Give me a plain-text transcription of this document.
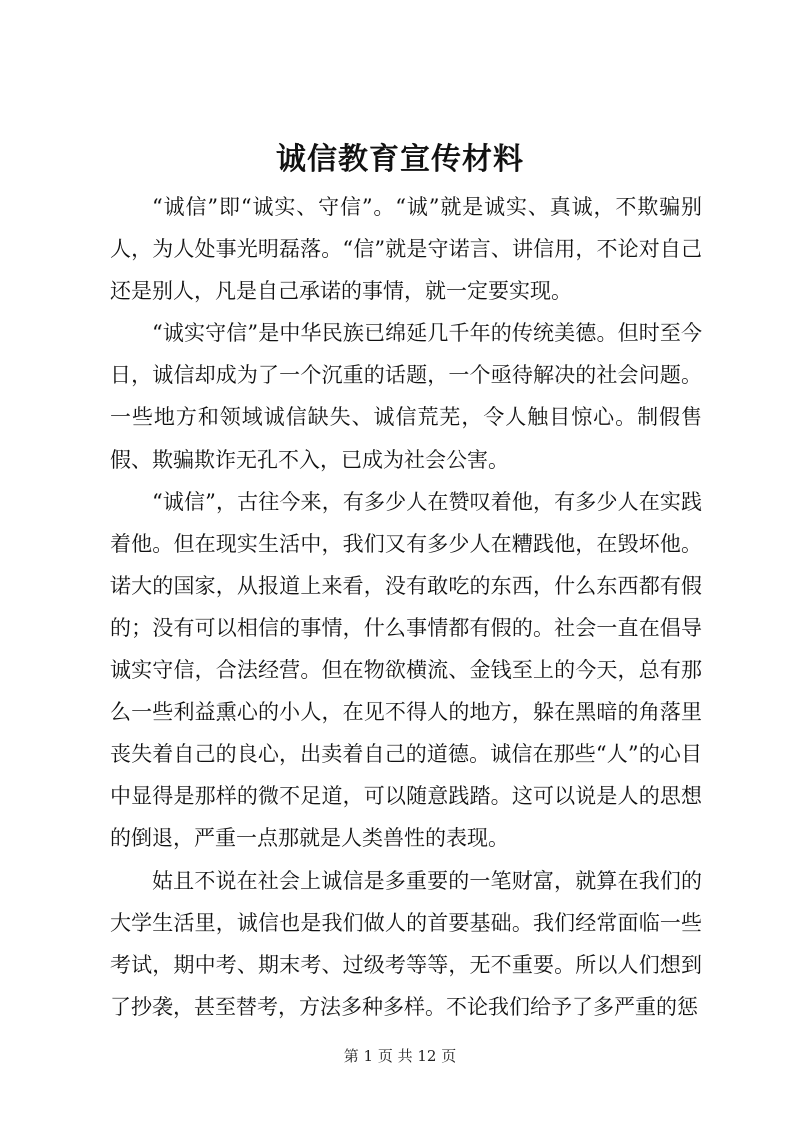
诚信教育宣传材料

“诚信”即“诚实、守信”。“诚”就是诚实、真诚，不欺骗别人，为人处事光明磊落。“信”就是守诺言、讲信用，不论对自己还是别人，凡是自己承诺的事情，就一定要实现。

“诚实守信”是中华民族已绵延几千年的传统美德。但时至今日，诚信却成为了一个沉重的话题，一个亟待解决的社会问题。一些地方和领域诚信缺失、诚信荒芜，令人触目惊心。制假售假、欺骗欺诈无孔不入，已成为社会公害。

“诚信”，古往今来，有多少人在赞叹着他，有多少人在实践着他。但在现实生活中，我们又有多少人在糟践他，在毁坏他。诺大的国家，从报道上来看，没有敢吃的东西，什么东西都有假的；没有可以相信的事情，什么事情都有假的。社会一直在倡导诚实守信，合法经营。但在物欲横流、金钱至上的今天，总有那么一些利益熏心的小人，在见不得人的地方，躲在黑暗的角落里丧失着自己的良心，出卖着自己的道德。诚信在那些“人”的心目中显得是那样的微不足道，可以随意践踏。这可以说是人的思想的倒退，严重一点那就是人类兽性的表现。

姑且不说在社会上诚信是多重要的一笔财富，就算在我们的大学生活里，诚信也是我们做人的首要基础。我们经常面临一些考试，期中考、期末考、过级考等等，无不重要。所以人们想到了抄袭，甚至替考，方法多种多样。不论我们给予了多严重的惩

第 1 页 共 12 页
